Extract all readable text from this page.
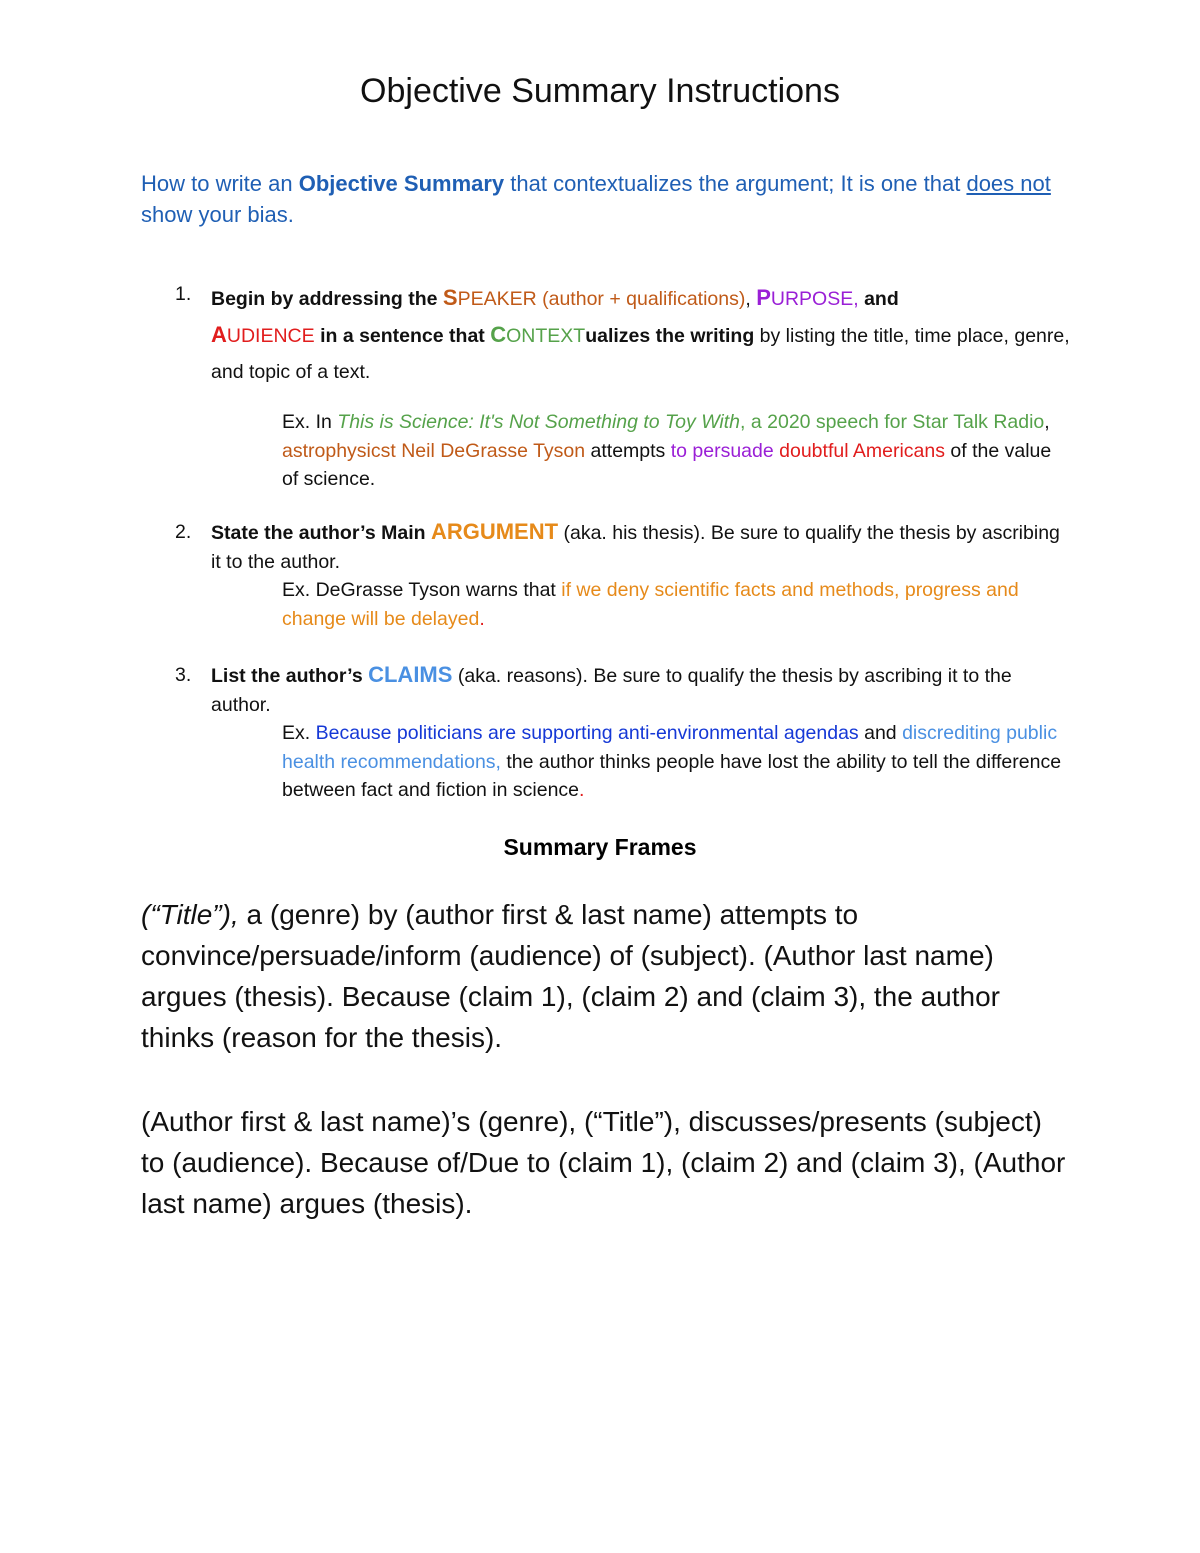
Objective Summary Instructions
How to write an Objective Summary that contextualizes the argument; It is one that does not show your bias.
1. Begin by addressing the SPEAKER (author + qualifications), PURPOSE, and
AUDIENCE in a sentence that CONTEXTualizes the writing by listing the title, time place, genre, and topic of a text.
Ex. In This is Science: It's Not Something to Toy With, a 2020 speech for Star Talk Radio, astrophysicst Neil DeGrasse Tyson attempts to persuade doubtful Americans of the value of science.
2. State the author’s Main ARGUMENT (aka. his thesis). Be sure to qualify the thesis by ascribing it to the author.
Ex. DeGrasse Tyson warns that if we deny scientific facts and methods, progress and change will be delayed.
3. List the author’s CLAIMS (aka. reasons). Be sure to qualify the thesis by ascribing it to the author.
Ex. Because politicians are supporting anti-environmental agendas and discrediting public health recommendations, the author thinks people have lost the ability to tell the difference between fact and fiction in science.
Summary Frames
(“Title”), a (genre) by (author first & last name) attempts to convince/persuade/inform (audience) of (subject). (Author last name) argues (thesis). Because (claim 1), (claim 2) and (claim 3), the author thinks (reason for the thesis).
(Author first & last name)’s (genre), (“Title”), discusses/presents (subject) to (audience). Because of/Due to (claim 1), (claim 2) and (claim 3), (Author last name) argues (thesis).
